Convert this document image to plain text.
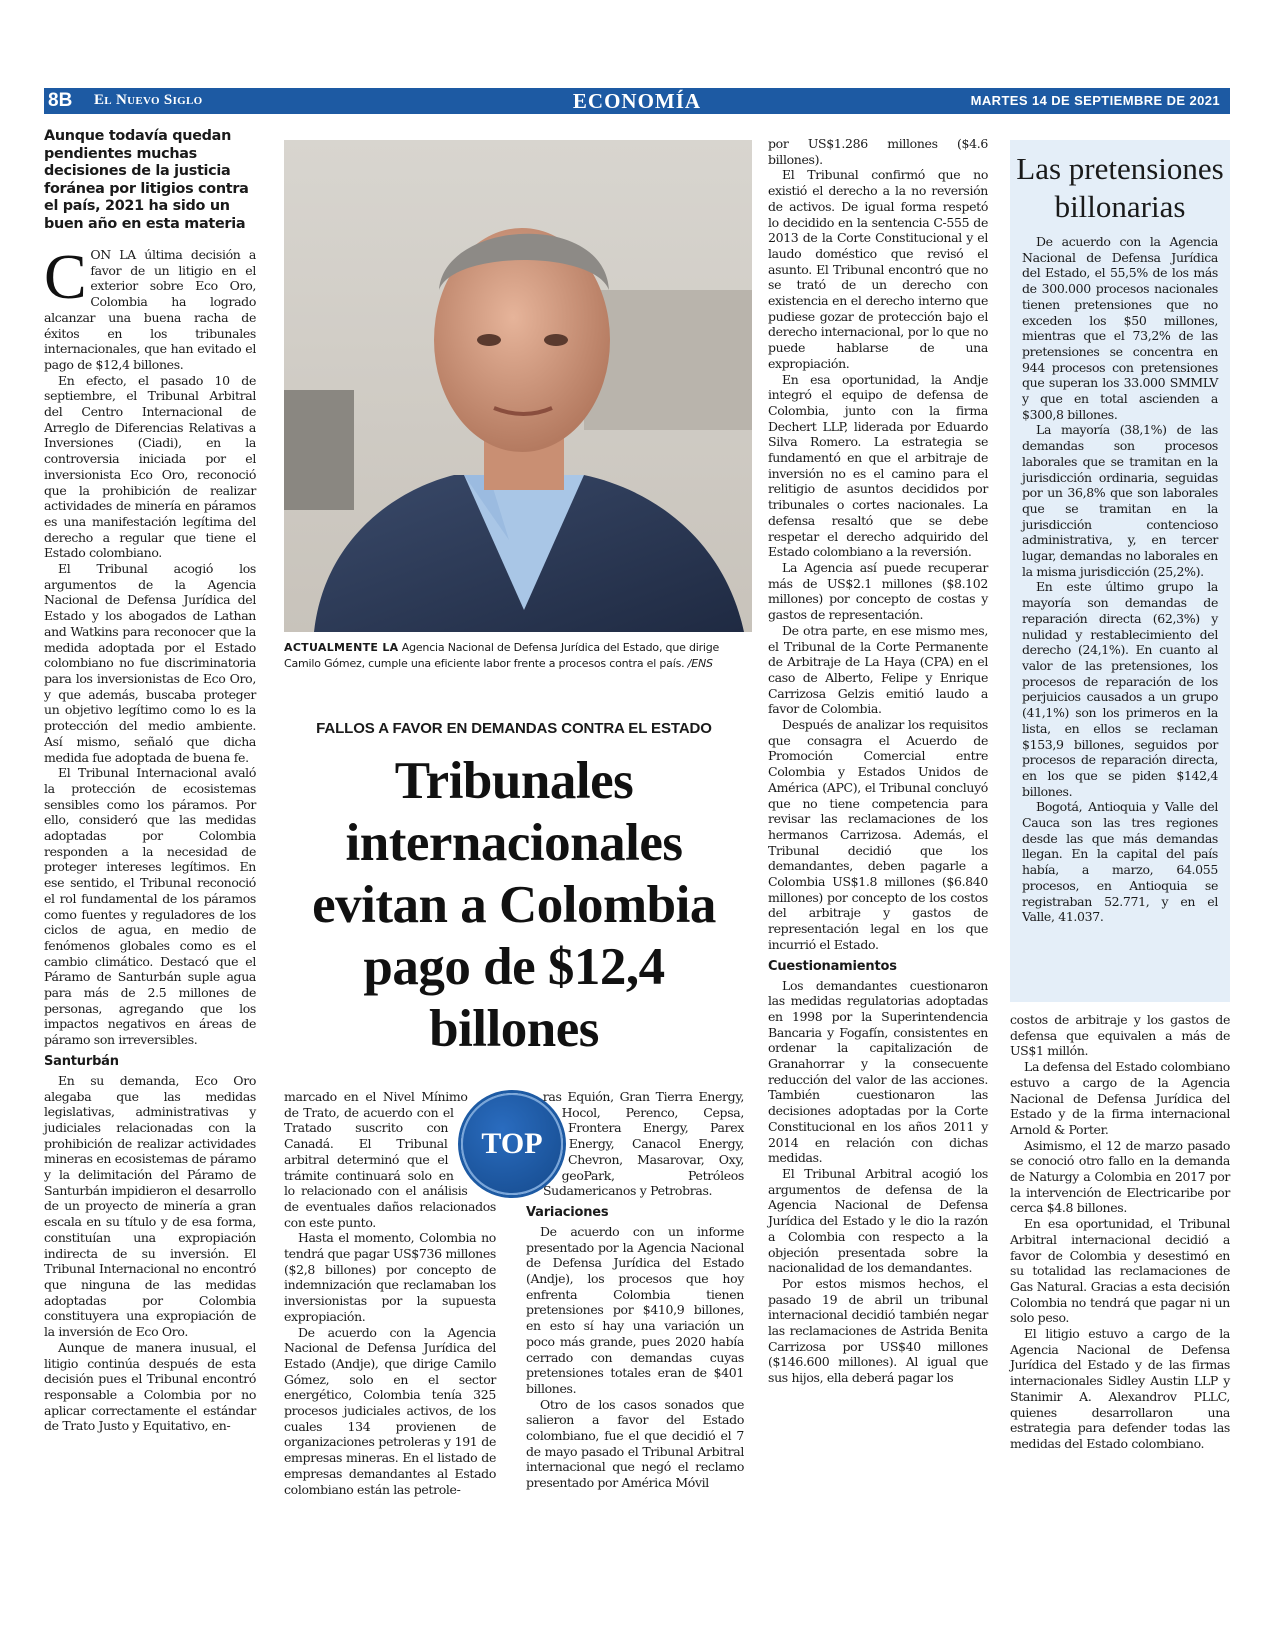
8B El Nuevo Siglo	ECONOMÍA	MARTES 14 DE SEPTIEMBRE DE 2021
Aunque todavía quedan pendientes muchas decisiones de la justicia foránea por litigios contra el país, 2021 ha sido un buen año en esta materia

CON LA última decisión a favor de un litigio en el exterior sobre Eco Oro, Colombia ha logrado alcanzar una buena racha de éxitos en los tribunales internacionales, que han evitado el pago de $12,4 billones.

En efecto, el pasado 10 de septiembre, el Tribunal Arbitral del Centro Internacional de Arreglo de Diferencias Relativas a Inversiones (Ciadi), en la controversia iniciada por el inversionista Eco Oro, reconoció que la prohibición de realizar actividades de minería en páramos es una manifestación legítima del derecho a regular que tiene el Estado colombiano.

El Tribunal acogió los argumentos de la Agencia Nacional de Defensa Jurídica del Estado y los abogados de Lathan and Watkins para reconocer que la medida adoptada por el Estado colombiano no fue discriminatoria para los inversionistas de Eco Oro, y que además, buscaba proteger un objetivo legítimo como lo es la protección del medio ambiente. Así mismo, señaló que dicha medida fue adoptada de buena fe.

El Tribunal Internacional avaló la protección de ecosistemas sensibles como los páramos. Por ello, consideró que las medidas adoptadas por Colombia responden a la necesidad de proteger intereses legítimos. En ese sentido, el Tribunal reconoció el rol fundamental de los páramos como fuentes y reguladores de los ciclos de agua, en medio de fenómenos globales como es el cambio climático. Destacó que el Páramo de Santurbán suple agua para más de 2.5 millones de personas, agregando que los impactos negativos en áreas de páramo son irreversibles.

Santurbán

En su demanda, Eco Oro alegaba que las medidas legislativas, administrativas y judiciales relacionadas con la prohibición de realizar actividades mineras en ecosistemas de páramo y la delimitación del Páramo de Santurbán impidieron el desarrollo de un proyecto de minería a gran escala en su título y de esa forma, constituían una expropiación indirecta de su inversión. El Tribunal Internacional no encontró que ninguna de las medidas adoptadas por Colombia constituyera una expropiación de la inversión de Eco Oro.

Aunque de manera inusual, el litigio continúa después de esta decisión pues el Tribunal encontró responsable a Colombia por no aplicar correctamente el estándar de Trato Justo y Equitativo, en-

ACTUALMENTE LA Agencia Nacional de Defensa Jurídica del Estado, que dirige Camilo Gómez, cumple una eficiente labor frente a procesos contra el país. /ENS
FALLOS A FAVOR EN DEMANDAS CONTRA EL ESTADO
Tribunales internacionales evitan a Colombia pago de $12,4 billones
TOP

marcado en el Nivel Mínimo de Trato, de acuerdo con el Tratado suscrito con Canadá. El Tribunal arbitral determinó que el trámite continuará solo en lo relacionado con el análisis de eventuales daños relacionados con este punto.

Hasta el momento, Colombia no tendrá que pagar US$736 millones ($2,8 billones) por concepto de indemnización que reclamaban los inversionistas por la supuesta expropiación.

De acuerdo con la Agencia Nacional de Defensa Jurídica del Estado (Andje), que dirige Camilo Gómez, solo en el sector energético, Colombia tenía 325 procesos judiciales activos, de los cuales 134 provienen de organizaciones petroleras y 191 de empresas mineras. En el listado de empresas demandantes al Estado colombiano están las petrole-

ras Equión, Gran Tierra Energy, Hocol, Perenco, Cepsa, Frontera Energy, Parex Energy, Canacol Energy, Chevron, Masarovar, Oxy, geoPark, Petróleos Sudamericanos y Petrobras.

Variaciones

De acuerdo con un informe presentado por la Agencia Nacional de Defensa Jurídica del Estado (Andje), los procesos que hoy enfrenta Colombia tienen pretensiones por $410,9 billones, en esto sí hay una variación un poco más grande, pues 2020 había cerrado con demandas cuyas pretensiones totales eran de $401 billones.

Otro de los casos sonados que salieron a favor del Estado colombiano, fue el que decidió el 7 de mayo pasado el Tribunal Arbitral internacional que negó el reclamo presentado por América Móvil

por US$1.286 millones ($4.6 billones).

El Tribunal confirmó que no existió el derecho a la no reversión de activos. De igual forma respetó lo decidido en la sentencia C-555 de 2013 de la Corte Constitucional y el laudo doméstico que revisó el asunto. El Tribunal encontró que no se trató de un derecho con existencia en el derecho interno que pudiese gozar de protección bajo el derecho internacional, por lo que no puede hablarse de una expropiación.

En esa oportunidad, la Andje integró el equipo de defensa de Colombia, junto con la firma Dechert LLP, liderada por Eduardo Silva Romero. La estrategia se fundamentó en que el arbitraje de inversión no es el camino para el relitigio de asuntos decididos por tribunales o cortes nacionales. La defensa resaltó que se debe respetar el derecho adquirido del Estado colombiano a la reversión.

La Agencia así puede recuperar más de US$2.1 millones ($8.102 millones) por concepto de costas y gastos de representación.

De otra parte, en ese mismo mes, el Tribunal de la Corte Permanente de Arbitraje de La Haya (CPA) en el caso de Alberto, Felipe y Enrique Carrizosa Gelzis emitió laudo a favor de Colombia.

Después de analizar los requisitos que consagra el Acuerdo de Promoción Comercial entre Colombia y Estados Unidos de América (APC), el Tribunal concluyó que no tiene competencia para revisar las reclamaciones de los hermanos Carrizosa. Además, el Tribunal decidió que los demandantes, deben pagarle a Colombia US$1.8 millones ($6.840 millones) por concepto de los costos del arbitraje y gastos de representación legal en los que incurrió el Estado.

Cuestionamientos

Los demandantes cuestionaron las medidas regulatorias adoptadas en 1998 por la Superintendencia Bancaria y Fogafín, consistentes en ordenar la capitalización de Granahorrar y la consecuente reducción del valor de las acciones. También cuestionaron las decisiones adoptadas por la Corte Constitucional en los años 2011 y 2014 en relación con dichas medidas.

El Tribunal Arbitral acogió los argumentos de defensa de la Agencia Nacional de Defensa Jurídica del Estado y le dio la razón a Colombia con respecto a la objeción presentada sobre la nacionalidad de los demandantes.

Por estos mismos hechos, el pasado 19 de abril un tribunal internacional decidió también negar las reclamaciones de Astrida Benita Carrizosa por US$40 millones ($146.600 millones). Al igual que sus hijos, ella deberá pagar los

Las pretensiones billonarias

De acuerdo con la Agencia Nacional de Defensa Jurídica del Estado, el 55,5% de los más de 300.000 procesos nacionales tienen pretensiones que no exceden los $50 millones, mientras que el 73,2% de las pretensiones se concentra en 944 procesos con pretensiones que superan los 33.000 SMMLV y que en total ascienden a $300,8 billones.

La mayoría (38,1%) de las demandas son procesos laborales que se tramitan en la jurisdicción ordinaria, seguidas por un 36,8% que son laborales que se tramitan en la jurisdicción contencioso administrativa, y, en tercer lugar, demandas no laborales en la misma jurisdicción (25,2%).

En este último grupo la mayoría son demandas de reparación directa (62,3%) y nulidad y restablecimiento del derecho (24,1%). En cuanto al valor de las pretensiones, los procesos de reparación de los perjuicios causados a un grupo (41,1%) son los primeros en la lista, en ellos se reclaman $153,9 billones, seguidos por procesos de reparación directa, en los que se piden $142,4 billones.

Bogotá, Antioquia y Valle del Cauca son las tres regiones desde las que más demandas llegan. En la capital del país había, a marzo, 64.055 procesos, en Antioquia se registraban 52.771, y en el Valle, 41.037.

costos de arbitraje y los gastos de defensa que equivalen a más de US$1 millón.

La defensa del Estado colombiano estuvo a cargo de la Agencia Nacional de Defensa Jurídica del Estado y de la firma internacional Arnold & Porter.

Asimismo, el 12 de marzo pasado se conoció otro fallo en la demanda de Naturgy a Colombia en 2017 por la intervención de Electricaribe por cerca $4.8 billones.

En esa oportunidad, el Tribunal Arbitral internacional decidió a favor de Colombia y desestimó en su totalidad las reclamaciones de Gas Natural. Gracias a esta decisión Colombia no tendrá que pagar ni un solo peso.

El litigio estuvo a cargo de la Agencia Nacional de Defensa Jurídica del Estado y de las firmas internacionales Sidley Austin LLP y Stanimir A. Alexandrov PLLC, quienes desarrollaron una estrategia para defender todas las medidas del Estado colombiano.
